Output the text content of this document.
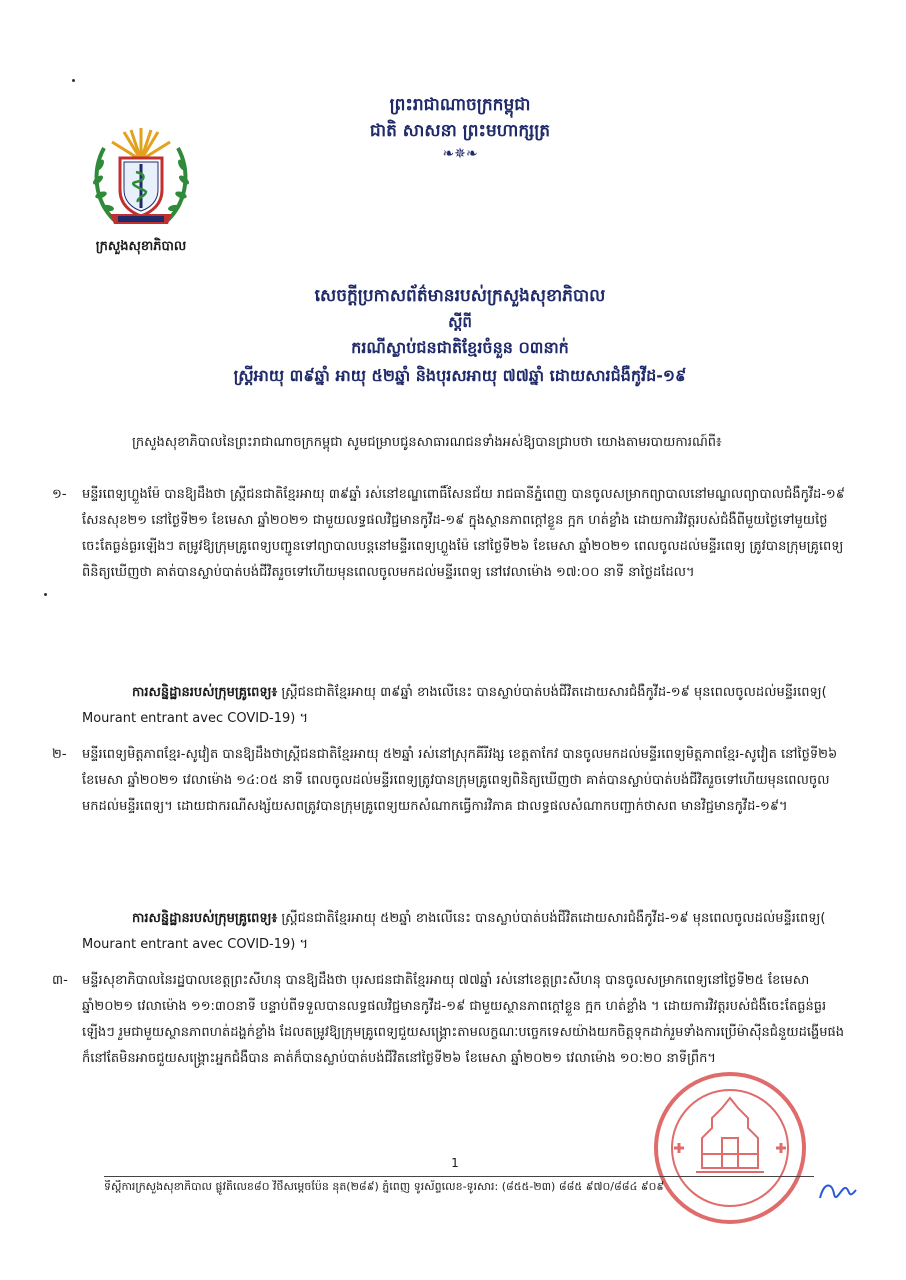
ក្រសួងសុខាភិបាល
ព្រះរាជាណាចក្រកម្ពុជា
ជាតិ សាសនា ព្រះមហាក្សត្រ
❧✵❧
សេចក្តីប្រកាសព័ត៌មានរបស់ក្រសួងសុខាភិបាល
ស្តីពី
ករណីស្លាប់ជនជាតិខ្មែរចំនួន ០៣នាក់
ស្ត្រីអាយុ ៣៩ឆ្នាំ អាយុ ៥២ឆ្នាំ និងបុរសអាយុ ៧៧ឆ្នាំ ដោយសារជំងឺកូវីដ-១៩
ក្រសួងសុខាភិបាលនៃព្រះរាជាណាចក្រកម្ពុជា សូមជម្រាបជូនសាធារណជនទាំងអស់ឱ្យបានជ្រាបថា យោងតាមរបាយការណ៍ពី៖
១- មន្ទីរពេទ្យហ្លួងម៉ែ បានឱ្យដឹងថា ស្ត្រីជនជាតិខ្មែរអាយុ ៣៩ឆ្នាំ រស់នៅខណ្ឌពោធិ៍សែនជ័យ រាជធានីភ្នំពេញ បានចូលសម្រាកព្យាបាលនៅមណ្ឌលព្យាបាលជំងឺកូវីដ-១៩ សែនសុខ២១ នៅថ្ងៃទី២១ ខែមេសា ឆ្នាំ២០២១ ជាមួយលទ្ធផលវិជ្ជមានកូវីដ-១៩ ក្នុងស្ថានភាពក្តៅខ្លួន ក្អក ហត់ខ្លាំង ដោយការវិវត្តរបស់ជំងឺពីមួយថ្ងៃទៅមួយថ្ងៃចេះតែធ្ងន់ធ្ងរឡើងៗ តម្រូវឱ្យក្រុមគ្រូពេទ្យបញ្ជូនទៅព្យាបាលបន្តនៅមន្ទីរពេទ្យហ្លួងម៉ែ នៅថ្ងៃទី២៦ ខែមេសា ឆ្នាំ២០២១ ពេលចូលដល់មន្ទីរពេទ្យ ត្រូវបានក្រុមគ្រូពេទ្យពិនិត្យឃើញថា គាត់បានស្លាប់បាត់បង់ជីវិតរួចទៅហើយមុនពេលចូលមកដល់មន្ទីរពេទ្យ នៅវេលាម៉ោង ១៧:០០ នាទី នាថ្ងៃដដែល។
ការសន្និដ្ឋានរបស់ក្រុមគ្រូពេទ្យ៖ ស្ត្រីជនជាតិខ្មែរអាយុ ៣៩ឆ្នាំ ខាងលើនេះ បានស្លាប់បាត់បង់ជីវិតដោយសារជំងឺកូវីដ-១៩ មុនពេលចូលដល់មន្ទីរពេទ្យ( Mourant entrant avec COVID-19) ។
២- មន្ទីរពេទ្យមិត្តភាពខ្មែរ-សូវៀត បានឱ្យដឹងថាស្ត្រីជនជាតិខ្មែរអាយុ ៥២ឆ្នាំ រស់នៅស្រុកគីរីវង្ស ខេត្តតាកែវ បានចូលមកដល់មន្ទីរពេទ្យមិត្តភាពខ្មែរ-សូវៀត នៅថ្ងៃទី២៦ ខែមេសា ឆ្នាំ២០២១ វេលាម៉ោង ១៤:០៥ នាទី ពេលចូលដល់មន្ទីរពេទ្យត្រូវបានក្រុមគ្រូពេទ្យពិនិត្យឃើញថា គាត់បានស្លាប់បាត់បង់ជីវិតរួចទៅហើយមុនពេលចូលមកដល់មន្ទីរពេទ្យ។ ដោយជាករណីសង្ស័យសពត្រូវបានក្រុមគ្រូពេទ្យយកសំណាកធ្វើការវិភាគ ជាលទ្ធផលសំណាកបញ្ជាក់ថាសព មានវិជ្ជមានកូវីដ-១៩។
ការសន្និដ្ឋានរបស់ក្រុមគ្រូពេទ្យ៖ ស្ត្រីជនជាតិខ្មែរអាយុ ៥២ឆ្នាំ ខាងលើនេះ បានស្លាប់បាត់បង់ជីវិតដោយសារជំងឺកូវីដ-១៩ មុនពេលចូលដល់មន្ទីរពេទ្យ( Mourant entrant avec COVID-19) ។
៣- មន្ទីរសុខាភិបាលនៃរដ្ឋបាលខេត្តព្រះសីហនុ បានឱ្យដឹងថា បុរសជនជាតិខ្មែរអាយុ ៧៧ឆ្នាំ រស់នៅខេត្តព្រះសីហនុ បានចូលសម្រាកពេទ្យនៅថ្ងៃទី២៥ ខែមេសា ឆ្នាំ២០២១ វេលាម៉ោង ១១:៣០នាទី បន្ទាប់ពីទទួលបានលទ្ធផលវិជ្ជមានកូវីដ-១៩ ជាមួយស្ថានភាពក្តៅខ្លួន ក្អក ហត់ខ្លាំង ។ ដោយការវិវត្តរបស់ជំងឺចេះតែធ្ងន់ធ្ងរឡើងៗ រួមជាមួយស្ថានភាពហត់ដង្ហក់ខ្លាំង ដែលតម្រូវឱ្យក្រុមគ្រូពេទ្យជួយសង្គ្រោះតាមលក្ខណៈបច្ចេកទេសយ៉ាងយកចិត្តទុកដាក់រួមទាំងការប្រើម៉ាស៊ីនជំនួយដង្ហើមផង ក៏នៅតែមិនអាចជួយសង្គ្រោះអ្នកជំងឺបាន គាត់ក៏បានស្លាប់បាត់បង់ជីវិតនៅថ្ងៃទី២៦ ខែមេសា ឆ្នាំ២០២១ វេលាម៉ោង ១០:២០ នាទីព្រឹក។
1
ទីស្តីការក្រសួងសុខាភិបាល ផ្លូវតិលេខ៨០ វិថីសម្តេចប៉ែន នុត(២៨៩) ភ្នំពេញ ទូរស័ព្ទលេខ-ទូរសារ: (៨៥៥-២៣) ៨៨៥ ៩៧០/៨៨៤ ៩០៩
